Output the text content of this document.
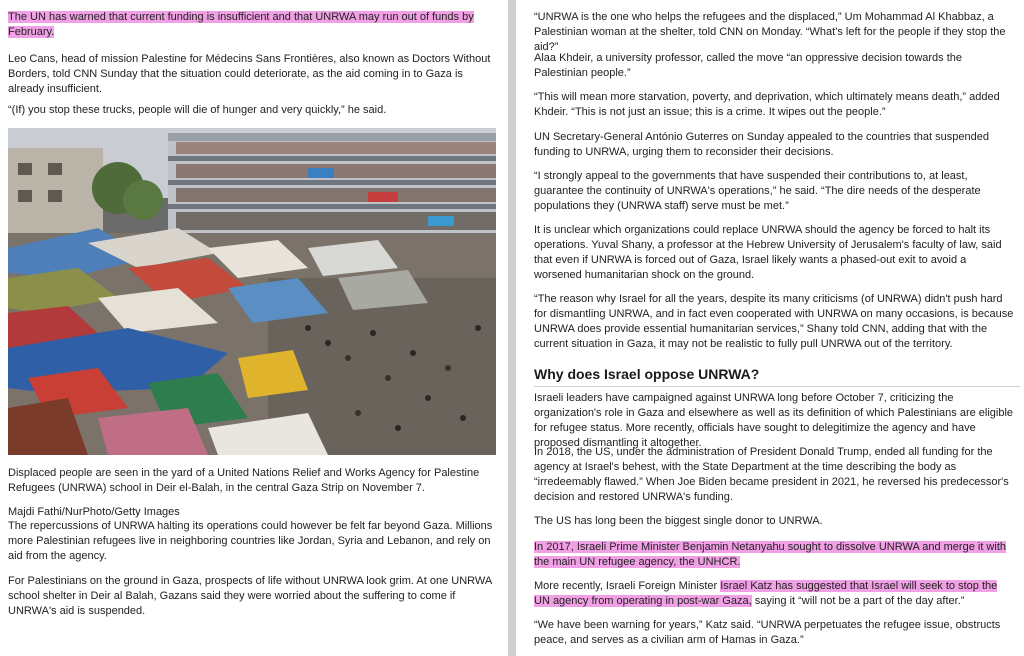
The UN has warned that current funding is insufficient and that UNRWA may run out of funds by February.

Leo Cans, head of mission Palestine for Médecins Sans Frontières, also known as Doctors Without Borders, told CNN Sunday that the situation could deteriorate, as the aid coming in to Gaza is already insufficient.

“(If) you stop these trucks, people will die of hunger and very quickly,” he said.

Displaced people are seen in the yard of a United Nations Relief and Works Agency for Palestine Refugees (UNRWA) school in Deir el-Balah, in the central Gaza Strip on November 7.

Majdi Fathi/NurPhoto/Getty Images

The repercussions of UNRWA halting its operations could however be felt far beyond Gaza. Millions more Palestinian refugees live in neighboring countries like Jordan, Syria and Lebanon, and rely on aid from the agency.

For Palestinians on the ground in Gaza, prospects of life without UNRWA look grim. At one UNRWA school shelter in Deir al Balah, Gazans said they were worried about the suffering to come if UNRWA's aid is suspended.

“UNRWA is the one who helps the refugees and the displaced,” Um Mohammad Al Khabbaz, a Palestinian woman at the shelter, told CNN on Monday. “What's left for the people if they stop the aid?”

Alaa Khdeir, a university professor, called the move “an oppressive decision towards the Palestinian people.”

“This will mean more starvation, poverty, and deprivation, which ultimately means death,” added Khdeir. “This is not just an issue; this is a crime. It wipes out the people.”

UN Secretary-General António Guterres on Sunday appealed to the countries that suspended funding to UNRWA, urging them to reconsider their decisions.

“I strongly appeal to the governments that have suspended their contributions to, at least, guarantee the continuity of UNRWA's operations,” he said. “The dire needs of the desperate populations they (UNRWA staff) serve must be met.”

It is unclear which organizations could replace UNRWA should the agency be forced to halt its operations. Yuval Shany, a professor at the Hebrew University of Jerusalem's faculty of law, said that even if UNRWA is forced out of Gaza, Israel likely wants a phased-out exit to avoid a worsened humanitarian shock on the ground.

“The reason why Israel for all the years, despite its many criticisms (of UNRWA) didn't push hard for dismantling UNRWA, and in fact even cooperated with UNRWA on many occasions, is because UNRWA does provide essential humanitarian services,” Shany told CNN, adding that with the current situation in Gaza, it may not be realistic to fully pull UNRWA out of the territory.

Why does Israel oppose UNRWA?

Israeli leaders have campaigned against UNRWA long before October 7, criticizing the organization's role in Gaza and elsewhere as well as its definition of which Palestinians are eligible for refugee status. More recently, officials have sought to delegitimize the agency and have proposed dismantling it altogether.

In 2018, the US, under the administration of President Donald Trump, ended all funding for the agency at Israel's behest, with the State Department at the time describing the body as “irredeemably flawed.” When Joe Biden became president in 2021, he reversed his predecessor's decision and restored UNRWA's funding.

The US has long been the biggest single donor to UNRWA.

In 2017, Israeli Prime Minister Benjamin Netanyahu sought to dissolve UNRWA and merge it with the main UN refugee agency, the UNHCR.

More recently, Israeli Foreign Minister Israel Katz has suggested that Israel will seek to stop the UN agency from operating in post-war Gaza, saying it “will not be a part of the day after.”

“We have been warning for years,” Katz said. “UNRWA perpetuates the refugee issue, obstructs peace, and serves as a civilian arm of Hamas in Gaza.”
